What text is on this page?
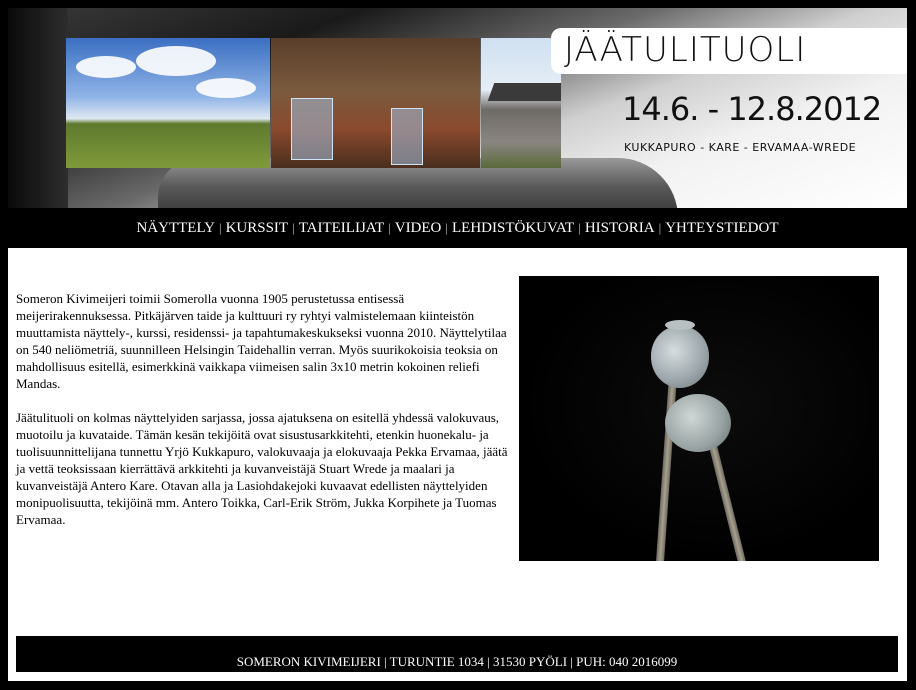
JÄÄTULITUOLI
14.6. - 12.8.2012
KUKKAPURO - KARE - ERVAMAA-WREDE
NÄYTTELY | KURSSIT | TAITEILIJAT | VIDEO | LEHDISTÖKUVAT | HISTORIA | YHTEYSTIEDOT

Someron Kivimeijeri toimii Somerolla vuonna 1905 perustetussa entisessä meijerirakennuksessa. Pitkäjärven taide ja kulttuuri ry ryhtyi valmistelemaan kiinteistön muuttamista näyttely-, kurssi, residenssi- ja tapahtumakeskukseksi vuonna 2010. Näyttelytilaa on 540 neliömetriä, suunnilleen Helsingin Taidehallin verran. Myös suurikokoisia teoksia on mahdollisuus esitellä, esimerkkinä vaikkapa viimeisen salin 3x10 metrin kokoinen reliefi Mandas.

Jäätulituoli on kolmas näyttelyiden sarjassa, jossa ajatuksena on esitellä yhdessä valokuvaus, muotoilu ja kuvataide. Tämän kesän tekijöitä ovat sisustusarkkitehti, etenkin huonekalu- ja tuolisuunnittelijana tunnettu Yrjö Kukkapuro, valokuvaaja ja elokuvaaja Pekka Ervamaa, jäätä ja vettä teoksissaan kierrättävä arkkitehti ja kuvanveistäjä Stuart Wrede ja maalari ja kuvanveistäjä Antero Kare. Otavan alla ja Lasiohdakejoki kuvaavat edellisten näyttelyiden monipuolisuutta, tekijöinä mm. Antero Toikka, Carl-Erik Ström, Jukka Korpihete ja Tuomas Ervamaa.

SOMERON KIVIMEIJERI | TURUNTIE 1034 | 31530 PYÖLI | PUH: 040 2016099
